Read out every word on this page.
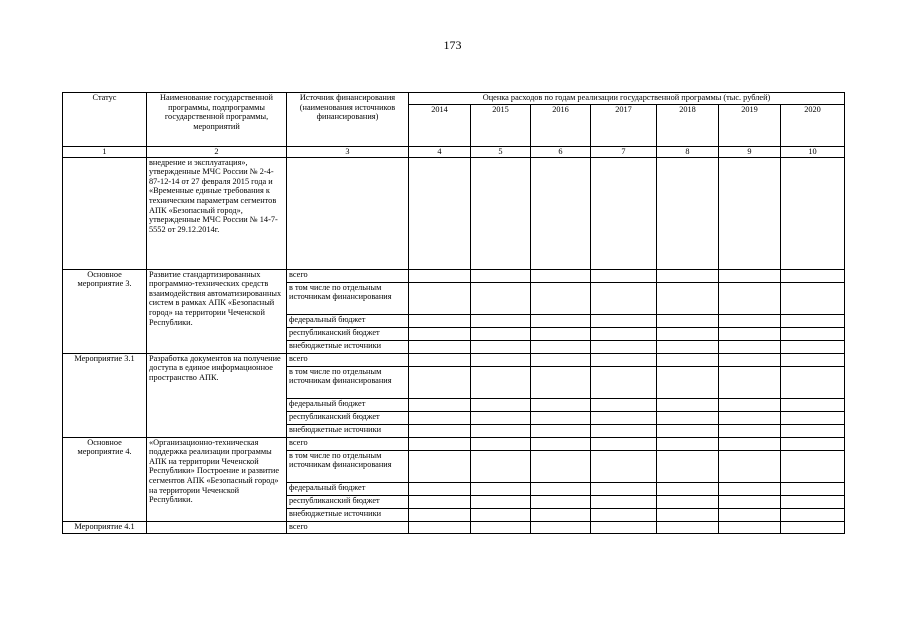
173
Статус	Наименование государственной программы, подпрограммы государственной программы, мероприятий	Источник финансирования (наименования источников финансирования)	Оценка расходов по годам реализации государственной программы (тыс. рублей)						
			2014	2015	2016	2017	2018	2019	2020
1	2	3	4	5	6	7	8	9	10
	внедрение и эксплуатация», утвержденные МЧС России № 2-4-87-12-14 от 27 февраля 2015 года и «Временные единые требования к техническим параметрам сегментов АПК «Безопасный город», утвержденные МЧС России № 14-7-5552 от 29.12.2014г.								
Основное мероприятие 3.	Развитие стандартизированных программно-технических средств взаимодействия автоматизированных систем в рамках АПК «Безопасный город» на территории Чеченской Республики.	всего							
		в том числе по отдельным источникам финансирования							
		федеральный бюджет							
		республиканский бюджет							
		внебюджетные источники							
Мероприятие 3.1	Разработка документов на получение доступа в единое информационное пространство АПК.	всего							
		в том числе по отдельным источникам финансирования							
		федеральный бюджет							
		республиканский бюджет							
		внебюджетные источники							
Основное мероприятие 4.	«Организационно-техническая поддержка реализации программы АПК на территории Чеченской Республики» Построение и развитие сегментов АПК «Безопасный город» на территории Чеченской Республики.	всего							
		в том числе по отдельным источникам финансирования							
		федеральный бюджет							
		республиканский бюджет							
		внебюджетные источники							
Мероприятие 4.1		всего							
